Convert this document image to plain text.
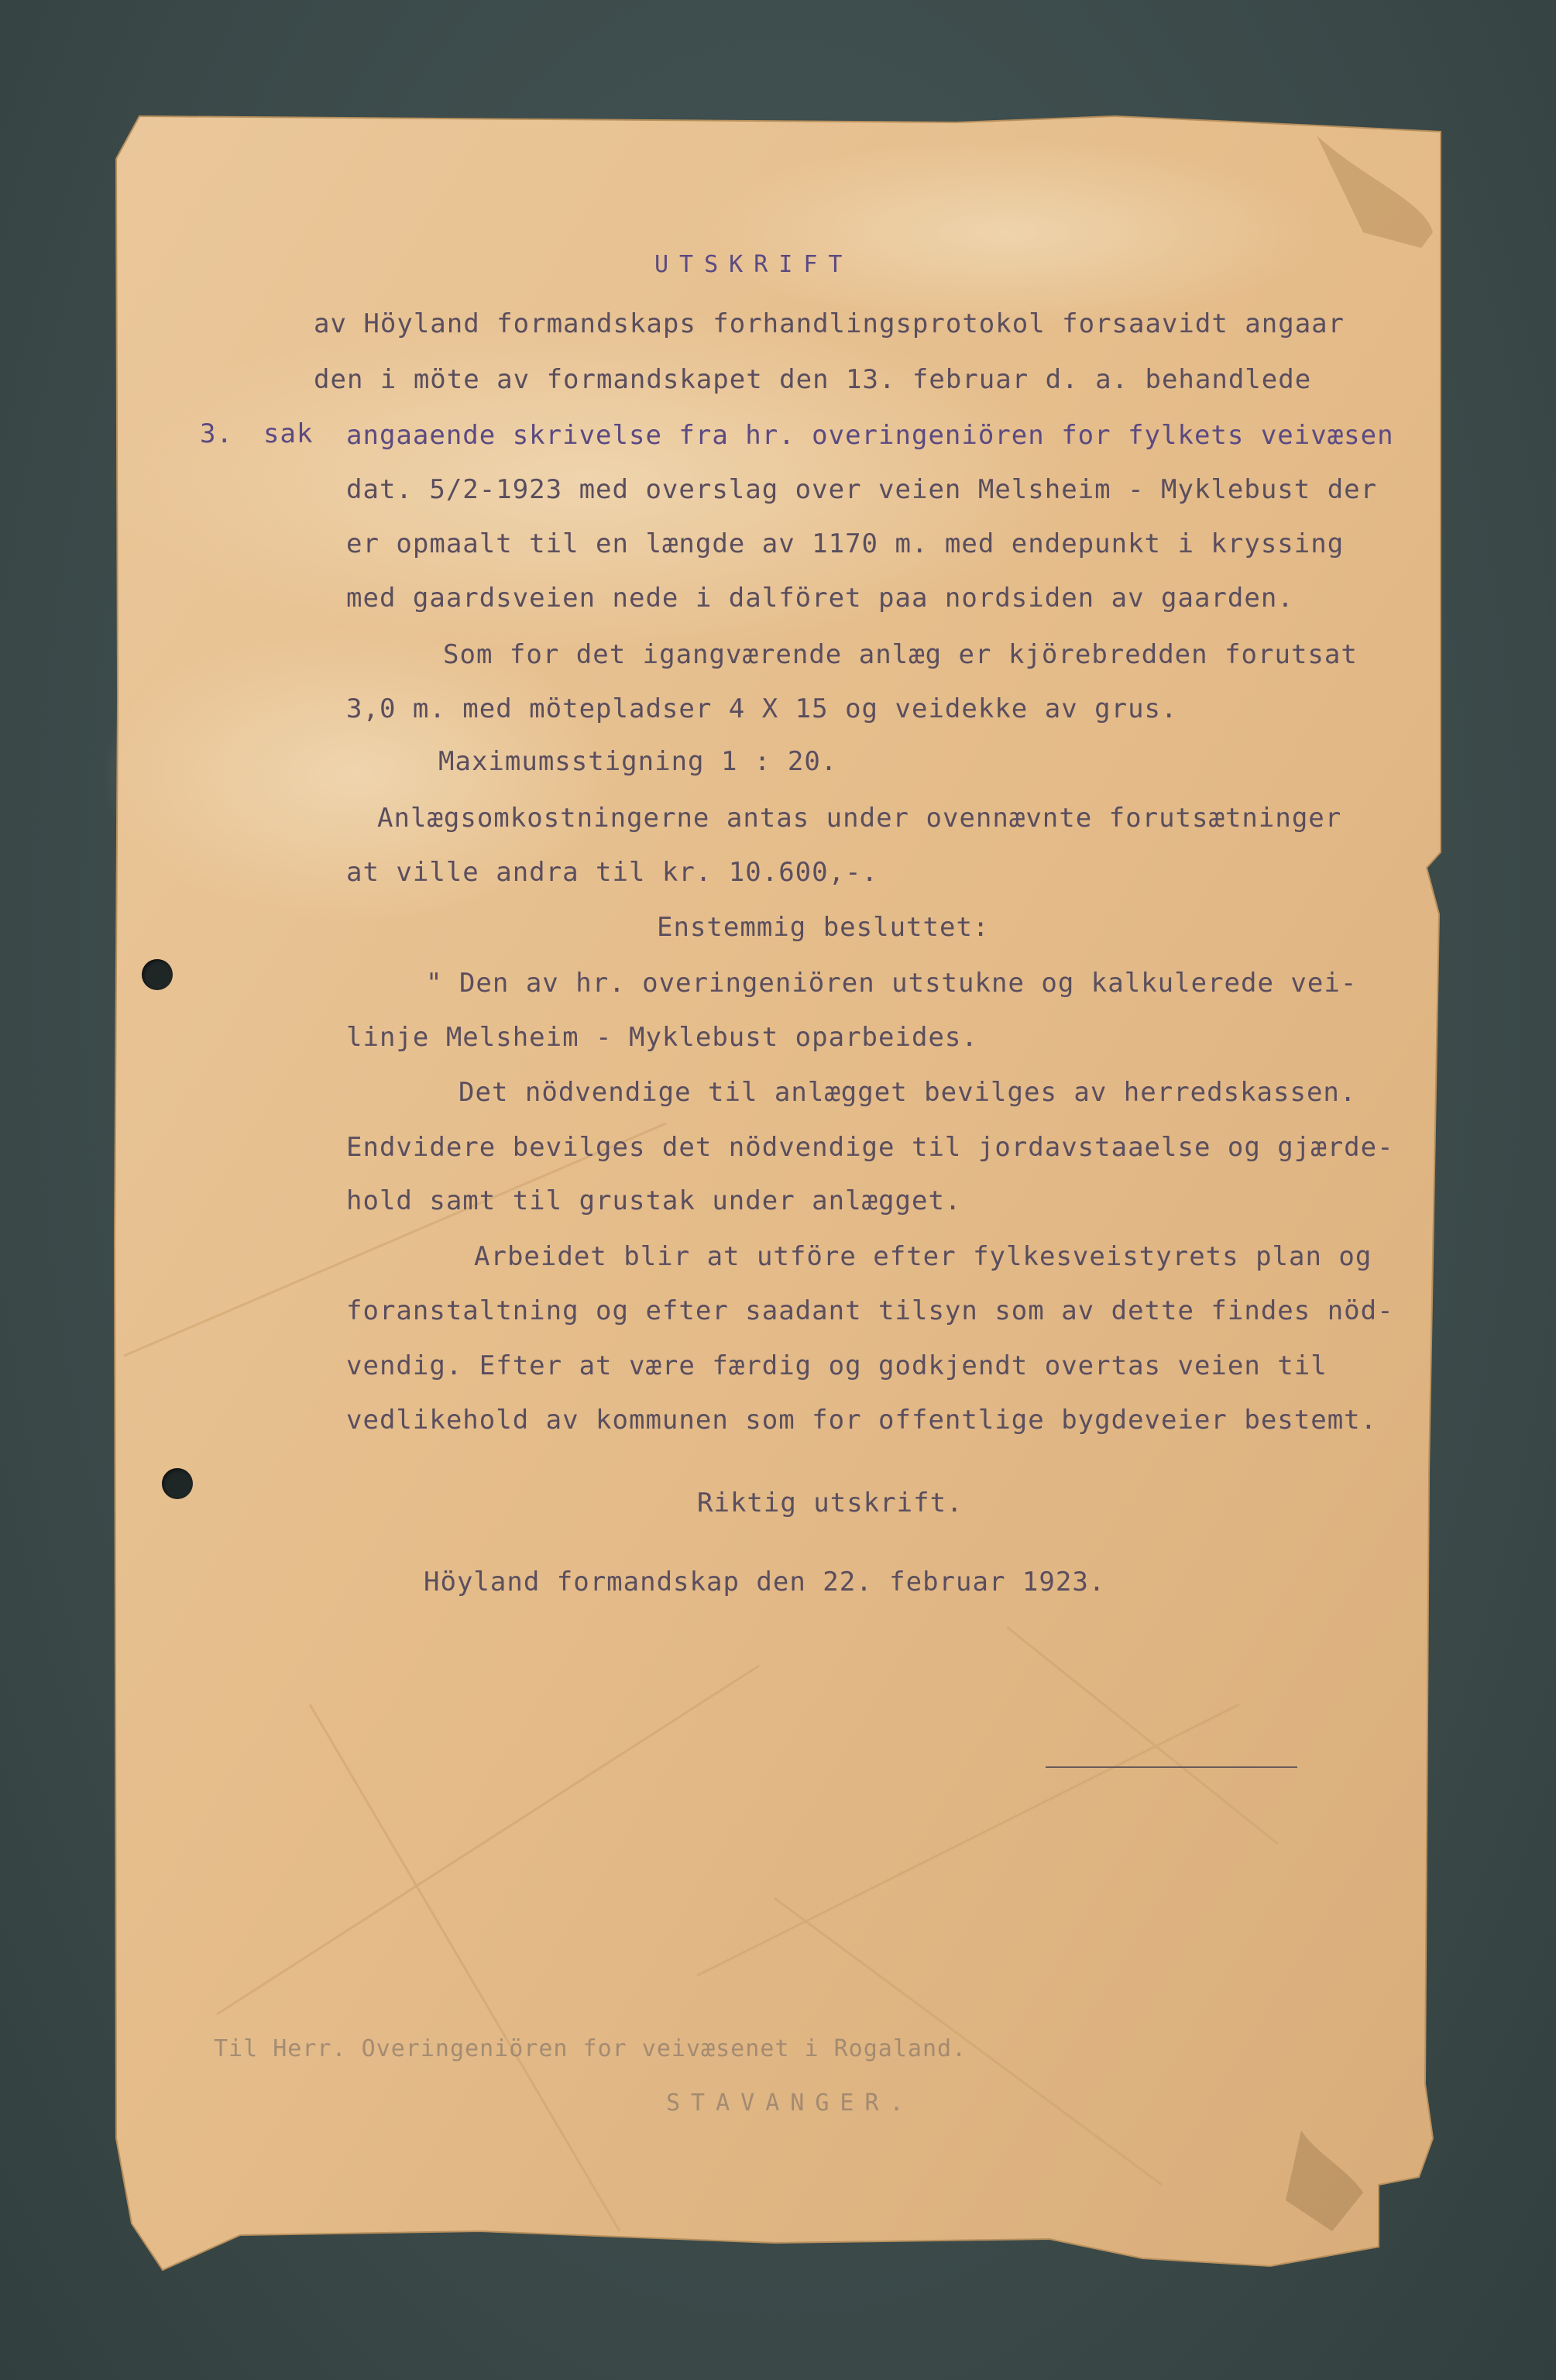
UTSKRIFT
av Höyland formandskaps forhandlingsprotokol forsaavidt angaar
den i möte av formandskapet den 13. februar d. a. behandlede
3. sak angaaende skrivelse fra hr. overingeniören for fylkets veivæsen
dat. 5/2-1923 med overslag over veien Melsheim - Myklebust der
er opmaalt til en længde av 1170 m. med endepunkt i kryssing
med gaardsveien nede i dalföret paa nordsiden av gaarden.
Som for det igangværende anlæg er kjörebredden forutsat
3,0 m. med mötepladser 4 X 15 og veidekke av grus.
Maximumsstigning 1 : 20.
Anlægsomkostningerne antas under ovennævnte forutsætninger
at ville andra til kr. 10.600,-.
Enstemmig besluttet:
" Den av hr. overingeniören utstukne og kalkulerede vei-
linje Melsheim - Myklebust oparbeides.
Det nödvendige til anlægget bevilges av herredskassen.
Endvidere bevilges det nödvendige til jordavstaaelse og gjærde-
hold samt til grustak under anlægget.
Arbeidet blir at utföre efter fylkesveistyrets plan og
foranstaltning og efter saadant tilsyn som av dette findes nöd-
vendig. Efter at være færdig og godkjendt overtas veien til
vedlikehold av kommunen som for offentlige bygdeveier bestemt.
Riktig utskrift.
Höyland formandskap den 22. februar 1923.
Til Herr. Overingeniören for veivæsenet i Rogaland.
STAVANGER.
